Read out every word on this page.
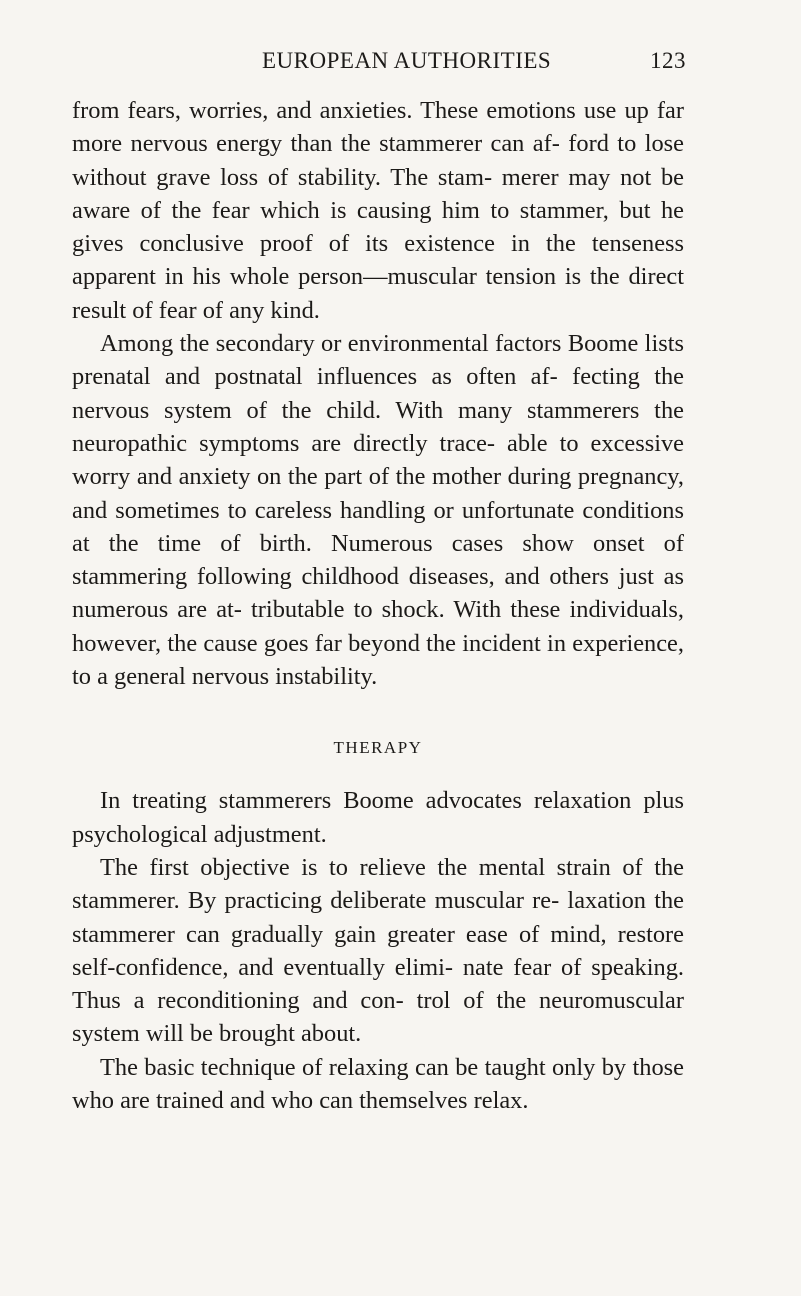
EUROPEAN AUTHORITIES	123

from fears, worries, and anxieties. These emotions use up far more nervous energy than the stammerer can af- ford to lose without grave loss of stability. The stam- merer may not be aware of the fear which is causing him to stammer, but he gives conclusive proof of its existence in the tenseness apparent in his whole person—muscular tension is the direct result of fear of any kind.

Among the secondary or environmental factors Boome lists prenatal and postnatal influences as often af- fecting the nervous system of the child. With many stammerers the neuropathic symptoms are directly trace- able to excessive worry and anxiety on the part of the mother during pregnancy, and sometimes to careless handling or unfortunate conditions at the time of birth. Numerous cases show onset of stammering following childhood diseases, and others just as numerous are at- tributable to shock. With these individuals, however, the cause goes far beyond the incident in experience, to a general nervous instability.

THERAPY

In treating stammerers Boome advocates relaxation plus psychological adjustment.

The first objective is to relieve the mental strain of the stammerer. By practicing deliberate muscular re- laxation the stammerer can gradually gain greater ease of mind, restore self-confidence, and eventually elimi- nate fear of speaking. Thus a reconditioning and con- trol of the neuromuscular system will be brought about.

The basic technique of relaxing can be taught only by those who are trained and who can themselves relax.
